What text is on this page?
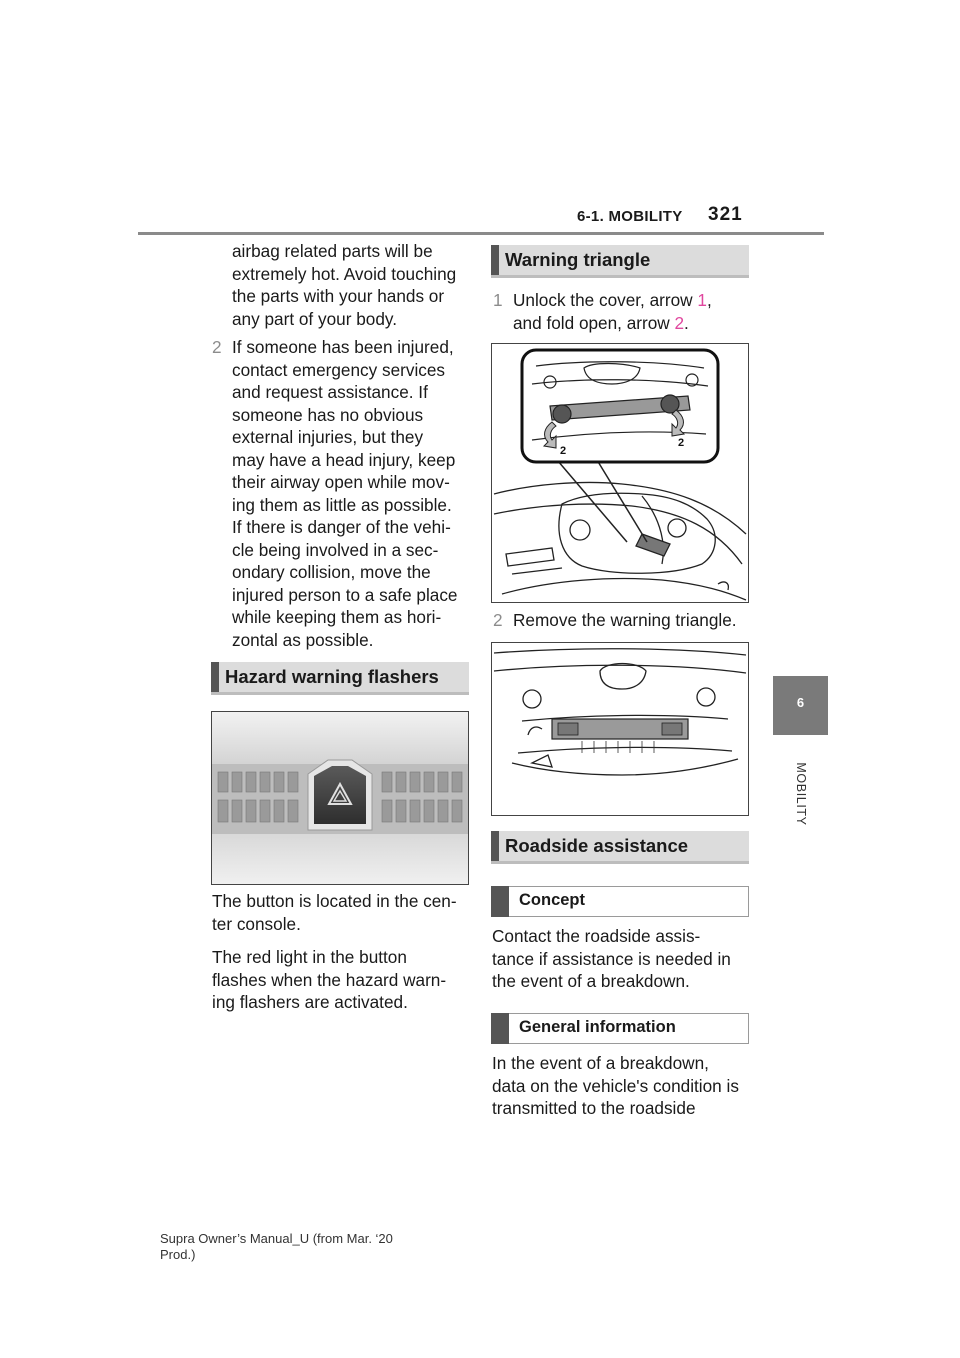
6-1. MOBILITY 321
6
MOBILITY
airbag related parts will be
extremely hot. Avoid touching
the parts with your hands or
any part of your body.
2 If someone has been injured,
contact emergency services
and request assistance. If
someone has no obvious
external injuries, but they
may have a head injury, keep
their airway open while mov-
ing them as little as possible.
If there is danger of the vehi-
cle being involved in a sec-
ondary collision, move the
injured person to a safe place
while keeping them as hori-
zontal as possible.
Hazard warning flashers
The button is located in the cen-
ter console.
The red light in the button
flashes when the hazard warn-
ing flashers are activated.
Warning triangle
1 Unlock the cover, arrow 1,
and fold open, arrow 2.
2
2
2 Remove the warning triangle.
Roadside assistance
Concept
Contact the roadside assis-
tance if assistance is needed in
the event of a breakdown.
General information
In the event of a breakdown,
data on the vehicle's condition is
transmitted to the roadside
Supra Owner’s Manual_U (from Mar. ‘20
Prod.)
